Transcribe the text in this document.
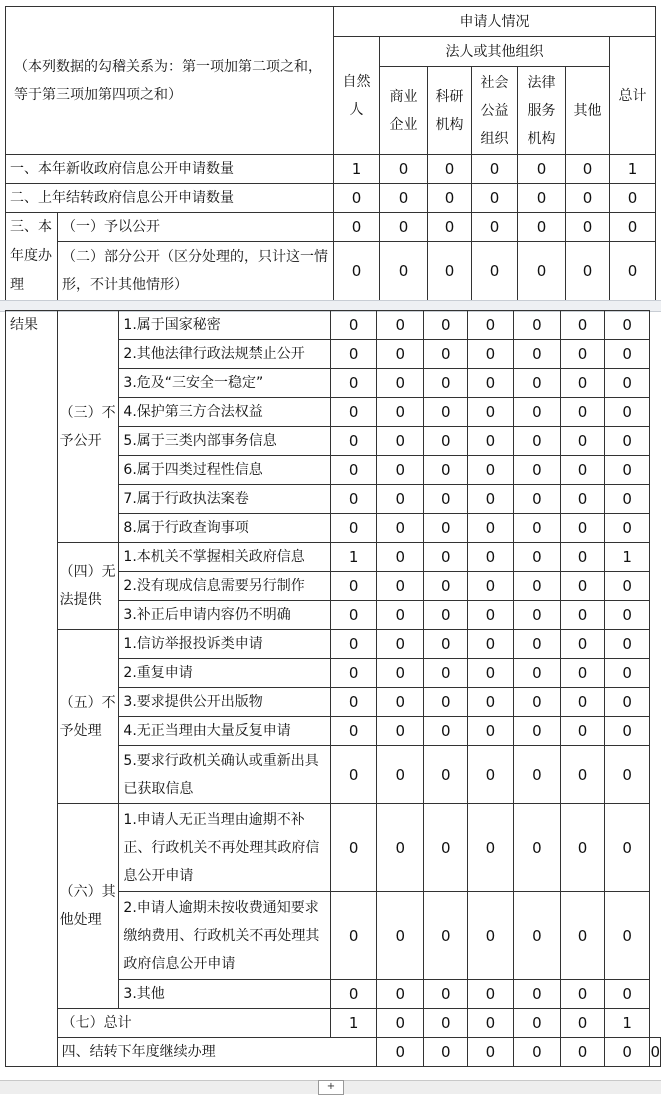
（本列数据的勾稽关系为：第一项加第二项之和，等于第三项加第四项之和）		申请人情况						
		自然人	法人或其他组织					总计
			商业企业	科研机构	社会公益组织	法律服务机构	其他	
一、本年新收政府信息公开申请数量		1	0	0	0	0	0	1
二、上年结转政府信息公开申请数量		0	0	0	0	0	0	0
三、本年度办理	（一）予以公开	0	0	0	0	0	0	0
	（二）部分公开（区分处理的，只计这一情形，不计其他情形）	0	0	0	0	0	0	0
结果	（三）不予公开	1.属于国家秘密	0	0	0	0	0	0	0	
		2.其他法律行政法规禁止公开	0	0	0	0	0	0	0	
		3.危及“三安全一稳定”	0	0	0	0	0	0	0	
		4.保护第三方合法权益	0	0	0	0	0	0	0	
		5.属于三类内部事务信息	0	0	0	0	0	0	0	
		6.属于四类过程性信息	0	0	0	0	0	0	0	
		7.属于行政执法案卷	0	0	0	0	0	0	0	
		8.属于行政查询事项	0	0	0	0	0	0	0	
	（四）无法提供	1.本机关不掌握相关政府信息	1	0	0	0	0	0	1	
		2.没有现成信息需要另行制作	0	0	0	0	0	0	0	
		3.补正后申请内容仍不明确	0	0	0	0	0	0	0	
	（五）不予处理	1.信访举报投诉类申请	0	0	0	0	0	0	0	
		2.重复申请	0	0	0	0	0	0	0	
		3.要求提供公开出版物	0	0	0	0	0	0	0	
		4.无正当理由大量反复申请	0	0	0	0	0	0	0	
		5.要求行政机关确认或重新出具已获取信息	0	0	0	0	0	0	0	
	（六）其他处理	1.申请人无正当理由逾期不补正、行政机关不再处理其政府信息公开申请	0	0	0	0	0	0	0	
		2.申请人逾期未按收费通知要求缴纳费用、行政机关不再处理其政府信息公开申请	0	0	0	0	0	0	0	
		3.其他	0	0	0	0	0	0	0	
	（七）总计		1	0	0	0	0	0	1	
	四、结转下年度继续办理			0	0	0	0	0	0	0
+
